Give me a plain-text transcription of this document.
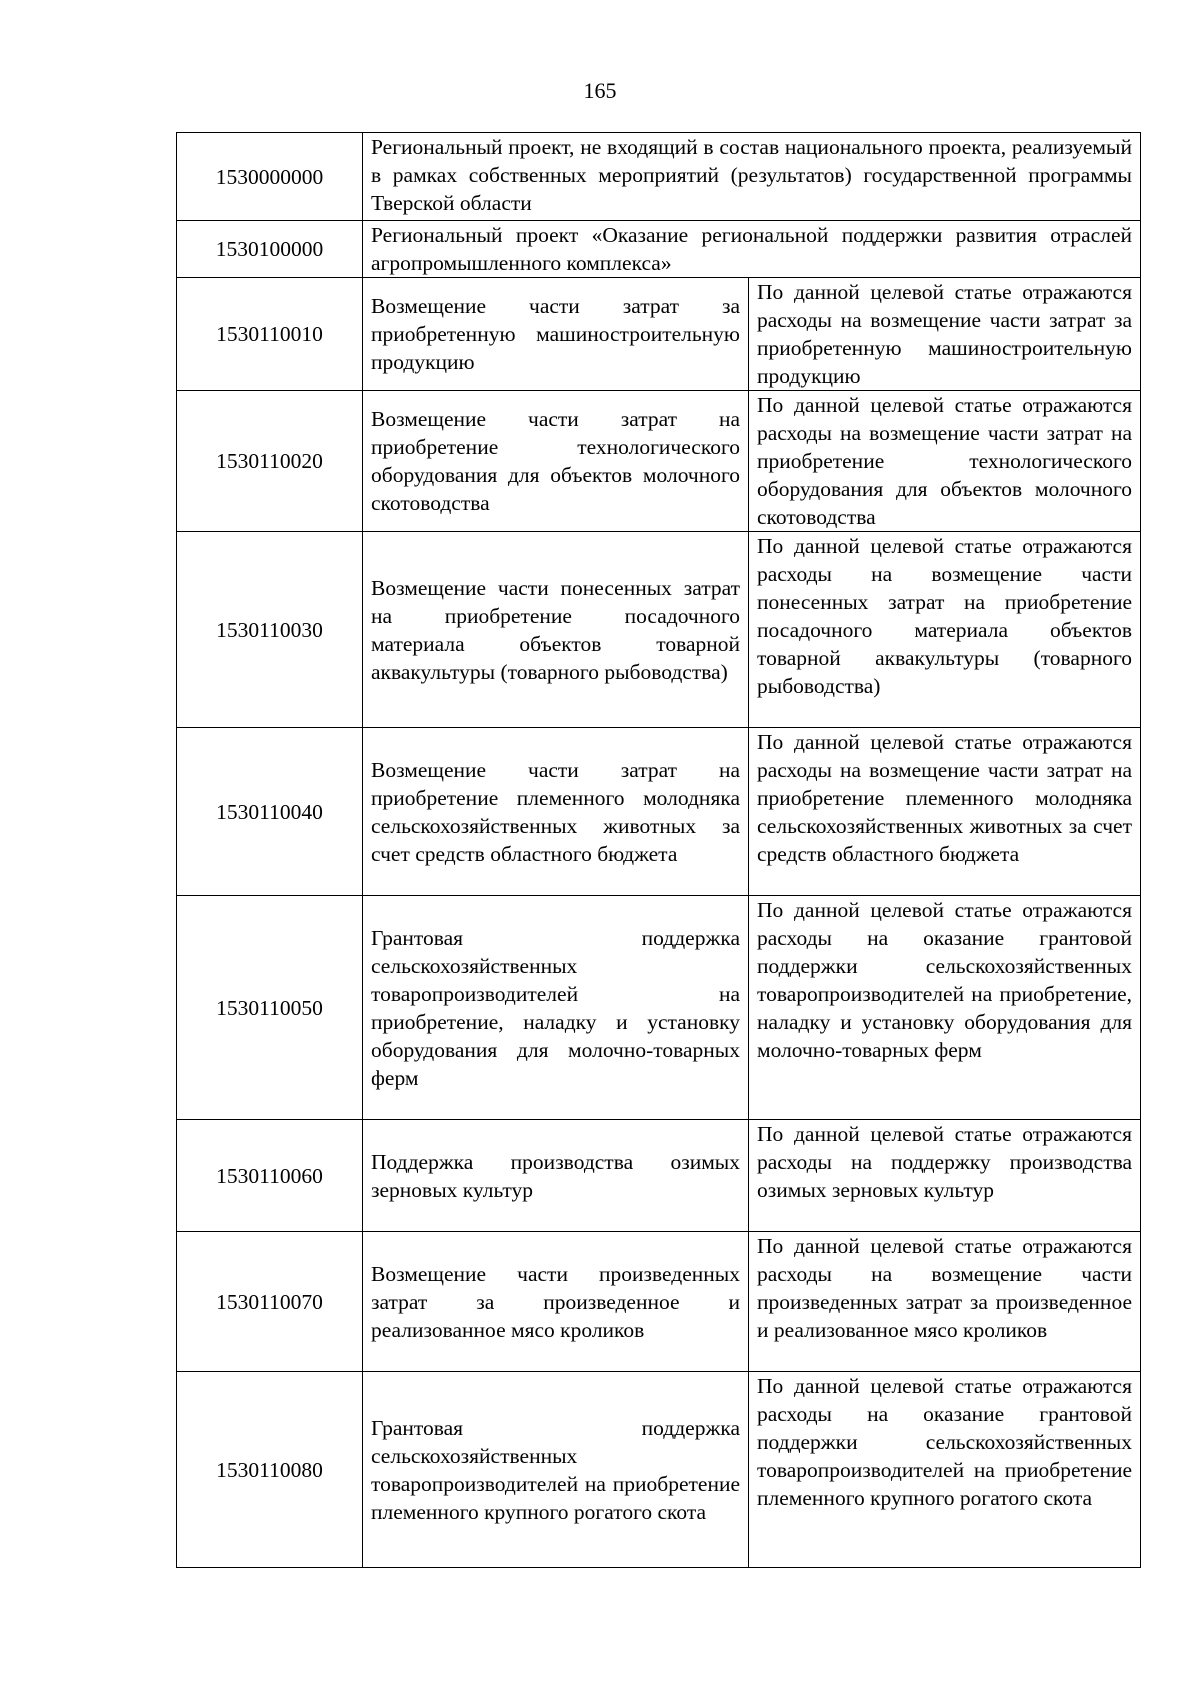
165
1530000000	Региональный проект, не входящий в состав национального проекта, реализуемый в рамках собственных мероприятий (результатов) государственной программы Тверской области	
1530100000	Региональный проект «Оказание региональной поддержки развития отраслей агропромышленного комплекса»	
1530110010	Возмещение части затрат за приобретенную машиностроительную продукцию	По данной целевой статье отражаются расходы на возмещение части затрат за приобретенную машиностроительную продукцию
1530110020	Возмещение части затрат на приобретение технологического оборудования для объектов молочного скотоводства	По данной целевой статье отражаются расходы на возмещение части затрат на приобретение технологического оборудования для объектов молочного скотоводства
1530110030	Возмещение части понесенных затрат на приобретение посадочного материала объектов товарной аквакультуры (товарного рыбоводства)	По данной целевой статье отражаются расходы на возмещение части понесенных затрат на приобретение посадочного материала объектов товарной аквакультуры (товарного рыбоводства)
1530110040	Возмещение части затрат на приобретение племенного молодняка сельскохозяйственных животных за счет средств областного бюджета	По данной целевой статье отражаются расходы на возмещение части затрат на приобретение племенного молодняка сельскохозяйственных животных за счет средств областного бюджета
1530110050	Грантовая поддержка сельскохозяйственных товаропроизводителей на приобретение, наладку и установку оборудования для молочно-товарных ферм	По данной целевой статье отражаются расходы на оказание грантовой поддержки сельскохозяйственных товаропроизводителей на приобретение, наладку и установку оборудования для молочно-товарных ферм
1530110060	Поддержка производства озимых зерновых культур	По данной целевой статье отражаются расходы на поддержку производства озимых зерновых культур
1530110070	Возмещение части произведенных затрат за произведенное и реализованное мясо кроликов	По данной целевой статье отражаются расходы на возмещение части произведенных затрат за произведенное и реализованное мясо кроликов
1530110080	Грантовая поддержка сельскохозяйственных товаропроизводителей на приобретение племенного крупного рогатого скота	По данной целевой статье отражаются расходы на оказание грантовой поддержки сельскохозяйственных товаропроизводителей на приобретение племенного крупного рогатого скота
